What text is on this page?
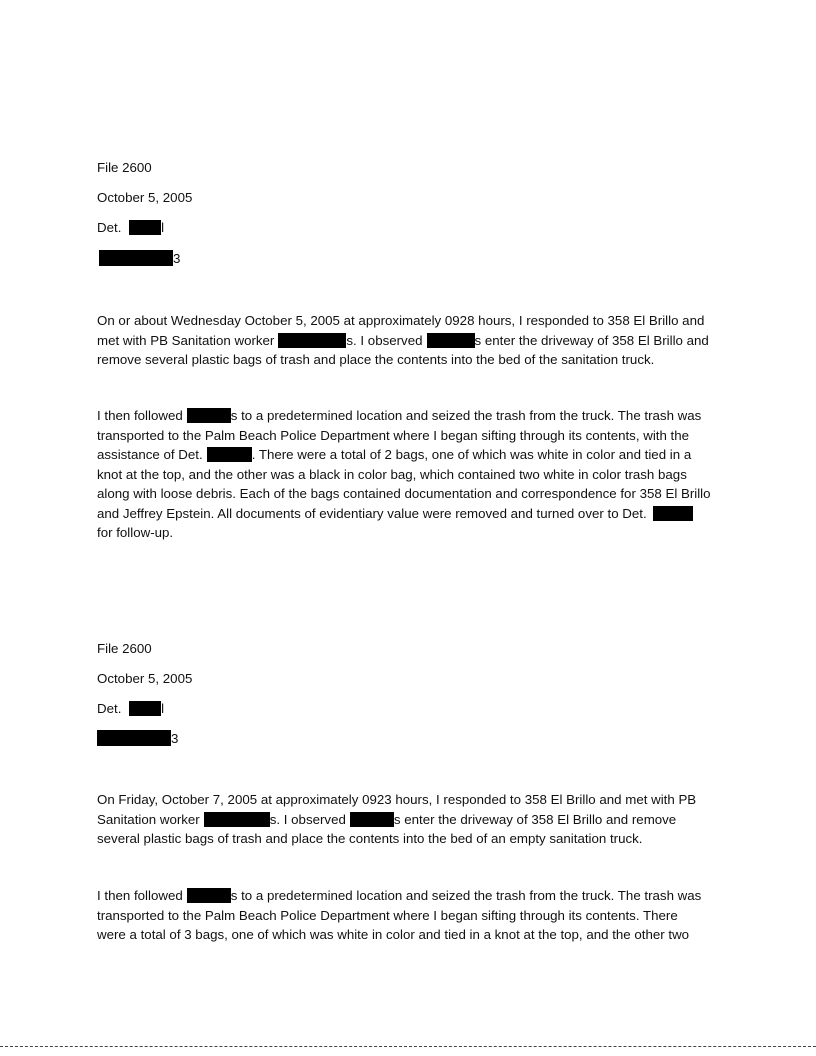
File 2600
October 5, 2005
Det.	l
3
On or about Wednesday October 5, 2005 at approximately 0928 hours, I responded to 358 El Brillo and
met with PB Sanitation worker	s. I observed	s enter the driveway of 358 El Brillo and
remove several plastic bags of trash and place the contents into the bed of the sanitation truck.
I then followed	s to a predetermined location and seized the trash from the truck. The trash was
transported to the Palm Beach Police Department where I began sifting through its contents, with the
assistance of Det.	. There were a total of 2 bags, one of which was white in color and tied in a
knot at the top, and the other was a black in color bag, which contained two white in color trash bags
along with loose debris. Each of the bags contained documentation and correspondence for 358 El Brillo
and Jeffrey Epstein. All documents of evidentiary value were removed and turned over to Det.
for follow-up.
File 2600
October 5, 2005
Det.	l
3
On Friday, October 7, 2005 at approximately 0923 hours, I responded to 358 El Brillo and met with PB
Sanitation worker	s. I observed	s enter the driveway of 358 El Brillo and remove
several plastic bags of trash and place the contents into the bed of an empty sanitation truck.
I then followed	s to a predetermined location and seized the trash from the truck. The trash was
transported to the Palm Beach Police Department where I began sifting through its contents. There
were a total of 3 bags, one of which was white in color and tied in a knot at the top, and the other two
